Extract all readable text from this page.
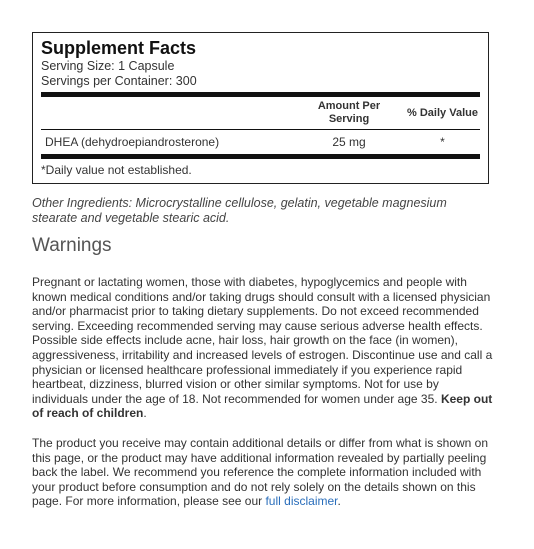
Supplement Facts
Serving Size: 1 Capsule
Servings per Container: 300
Amount Per Serving
% Daily Value
DHEA (dehydroepiandrosterone)	25 mg	*
*Daily value not established.

Other Ingredients: Microcrystalline cellulose, gelatin, vegetable magnesium stearate and vegetable stearic acid.

Warnings

Pregnant or lactating women, those with diabetes, hypoglycemics and people with known medical conditions and/or taking drugs should consult with a licensed physician and/or pharmacist prior to taking dietary supplements. Do not exceed recommended serving. Exceeding recommended serving may cause serious adverse health effects. Possible side effects include acne, hair loss, hair growth on the face (in women), aggressiveness, irritability and increased levels of estrogen. Discontinue use and call a physician or licensed healthcare professional immediately if you experience rapid heartbeat, dizziness, blurred vision or other similar symptoms. Not for use by individuals under the age of 18. Not recommended for women under age 35. Keep out of reach of children.

The product you receive may contain additional details or differ from what is shown on this page, or the product may have additional information revealed by partially peeling back the label. We recommend you reference the complete information included with your product before consumption and do not rely solely on the details shown on this page. For more information, please see our full disclaimer.
